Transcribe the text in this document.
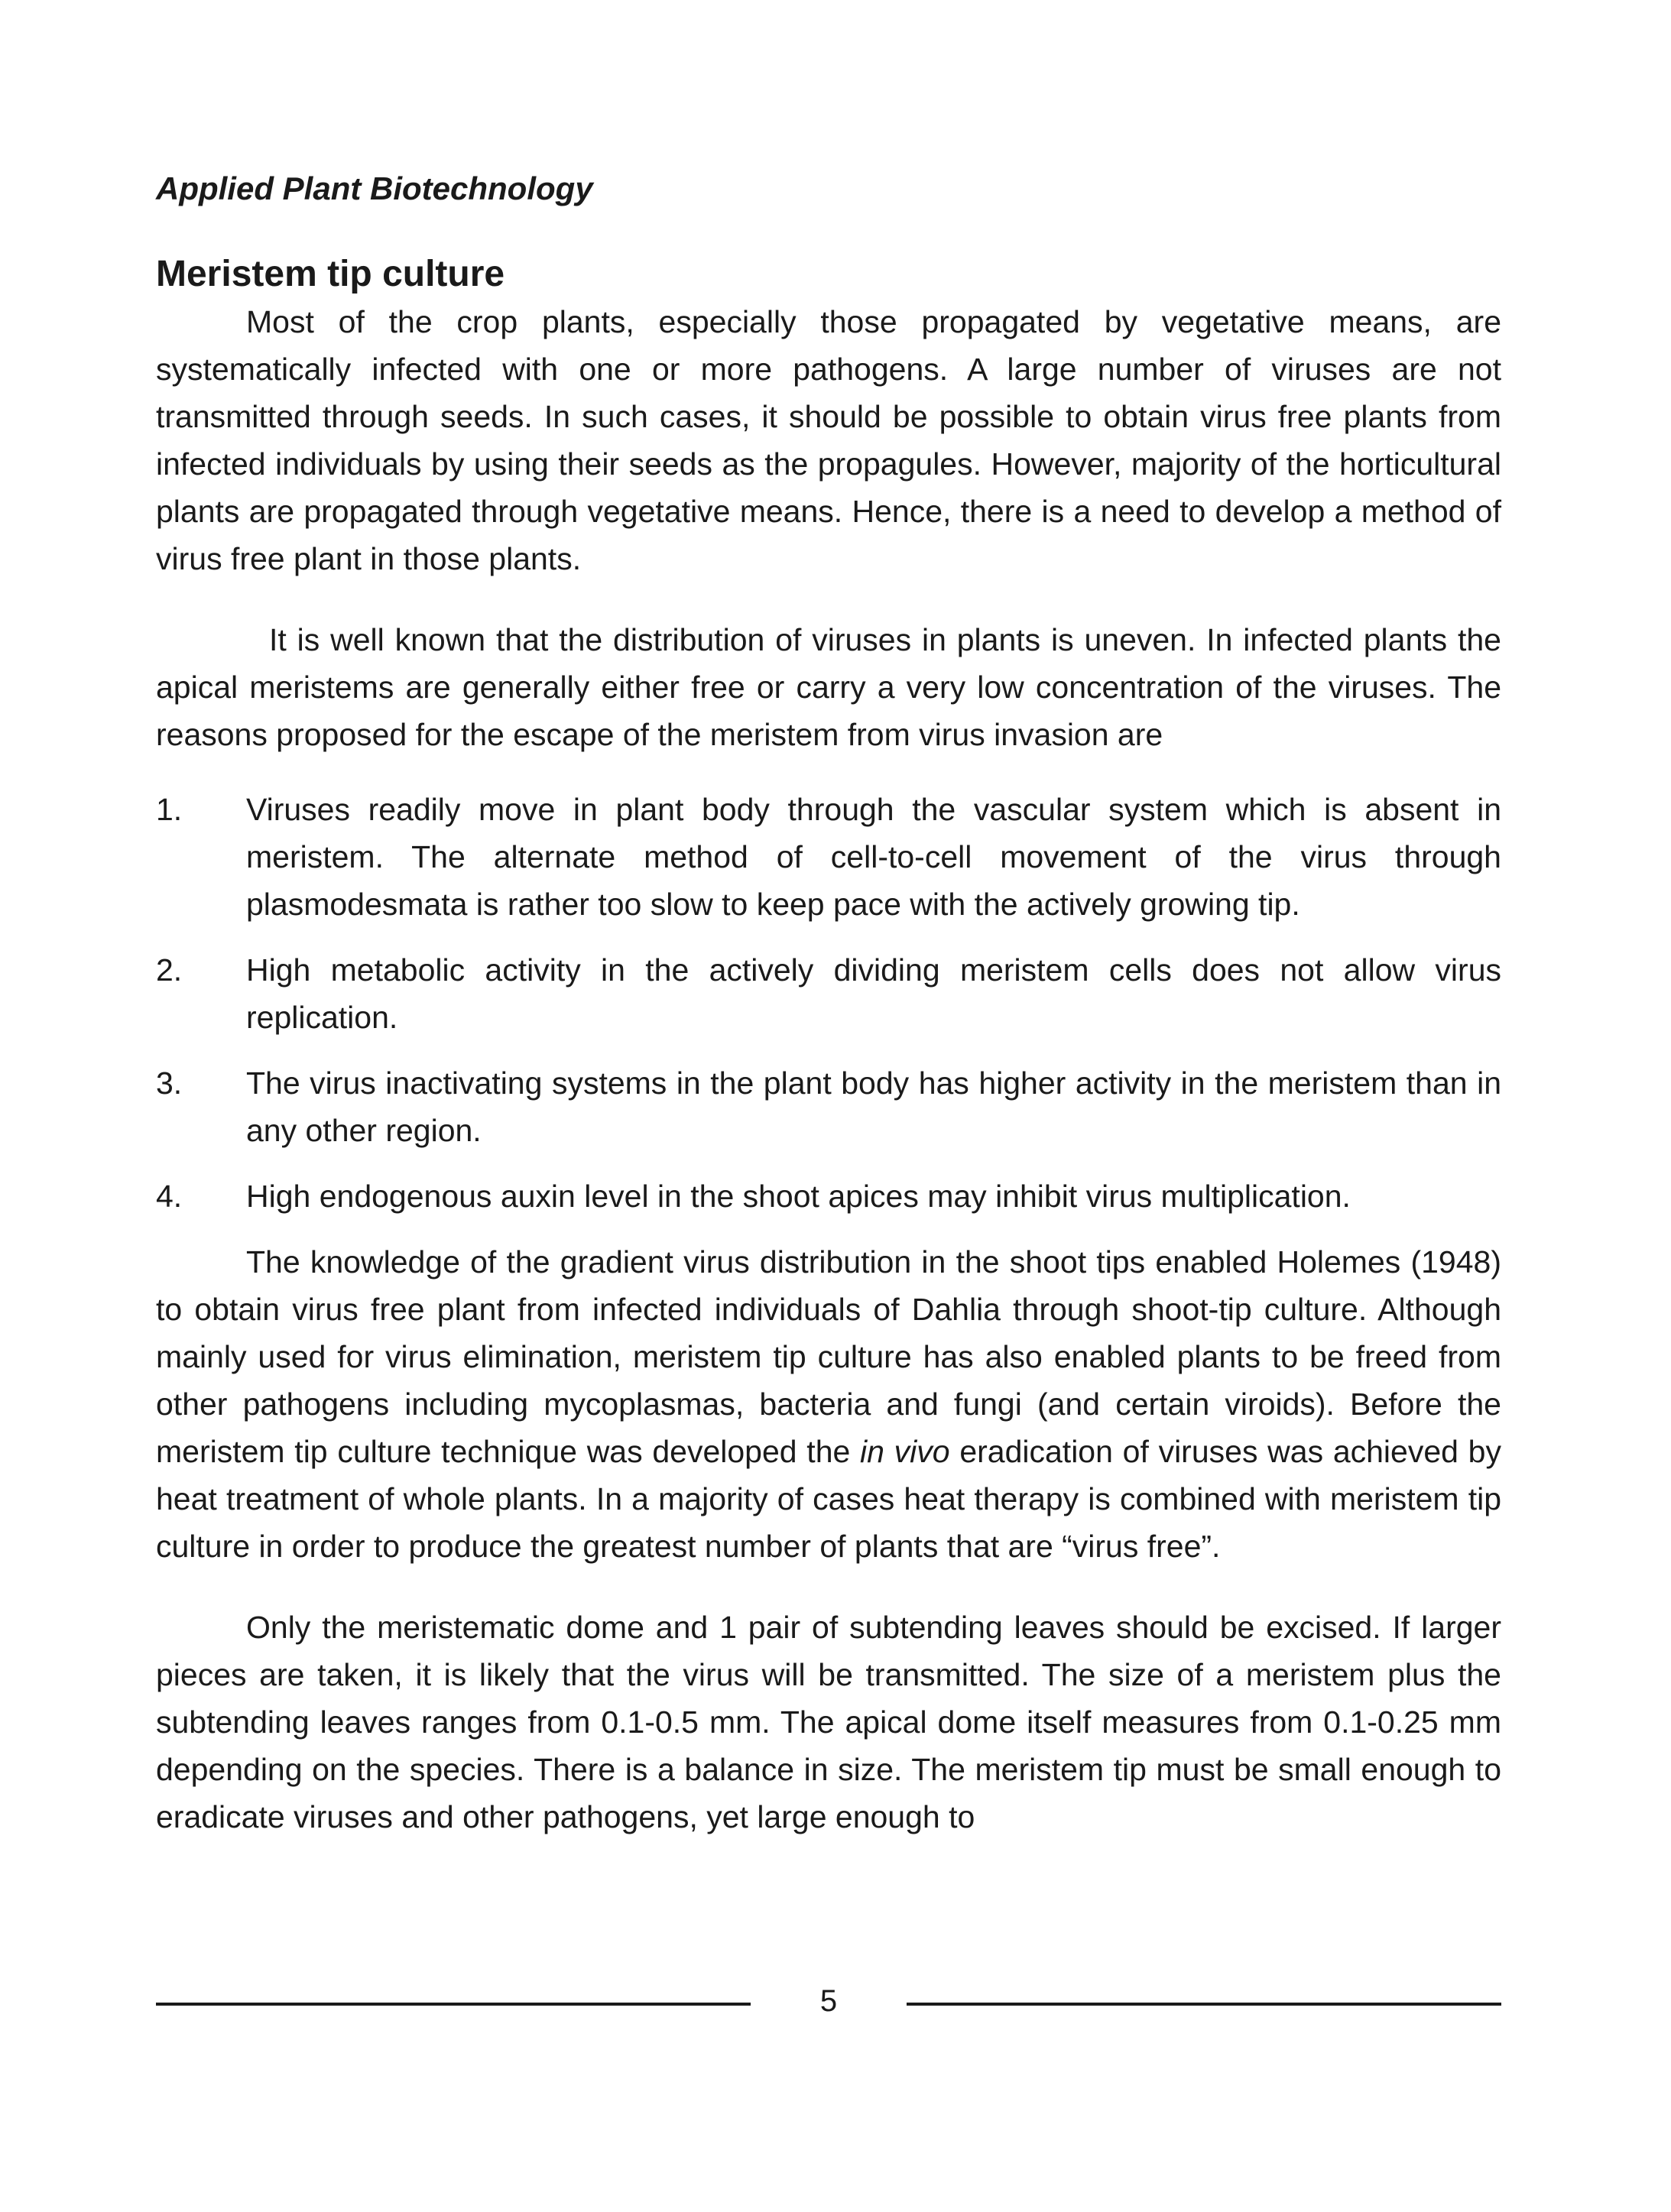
Applied Plant Biotechnology
Meristem tip culture

Most of the crop plants, especially those propagated by vegetative means, are systematically infected with one or more pathogens. A large number of viruses are not transmitted through seeds. In such cases, it should be possible to obtain virus free plants from infected individuals by using their seeds as the propagules. However, majority of the horticultural plants are propagated through vegetative means. Hence, there is a need to develop a method of virus free plant in those plants.

It is well known that the distribution of viruses in plants is uneven. In infected plants the apical meristems are generally either free or carry a very low concentration of the viruses. The reasons proposed for the escape of the meristem from virus invasion are

1.	Viruses readily move in plant body through the vascular system which is absent in meristem. The alternate method of cell-to-cell movement of the virus through plasmodesmata is rather too slow to keep pace with the actively growing tip.
2.	High metabolic activity in the actively dividing meristem cells does not allow virus replication.
3.	The virus inactivating systems in the plant body has higher activity in the meristem than in any other region.
4.	High endogenous auxin level in the shoot apices may inhibit virus multiplication.

The knowledge of the gradient virus distribution in the shoot tips enabled Holemes (1948) to obtain virus free plant from infected individuals of Dahlia through shoot-tip culture. Although mainly used for virus elimination, meristem tip culture has also enabled plants to be freed from other pathogens including mycoplasmas, bacteria and fungi (and certain viroids). Before the meristem tip culture technique was developed the in vivo eradication of viruses was achieved by heat treatment of whole plants. In a majority of cases heat therapy is combined with meristem tip culture in order to produce the greatest number of plants that are “virus free”.

Only the meristematic dome and 1 pair of subtending leaves should be excised. If larger pieces are taken, it is likely that the virus will be transmitted. The size of a meristem plus the subtending leaves ranges from 0.1-0.5 mm. The apical dome itself measures from 0.1-0.25 mm depending on the species. There is a balance in size. The meristem tip must be small enough to eradicate viruses and other pathogens, yet large enough to

5
